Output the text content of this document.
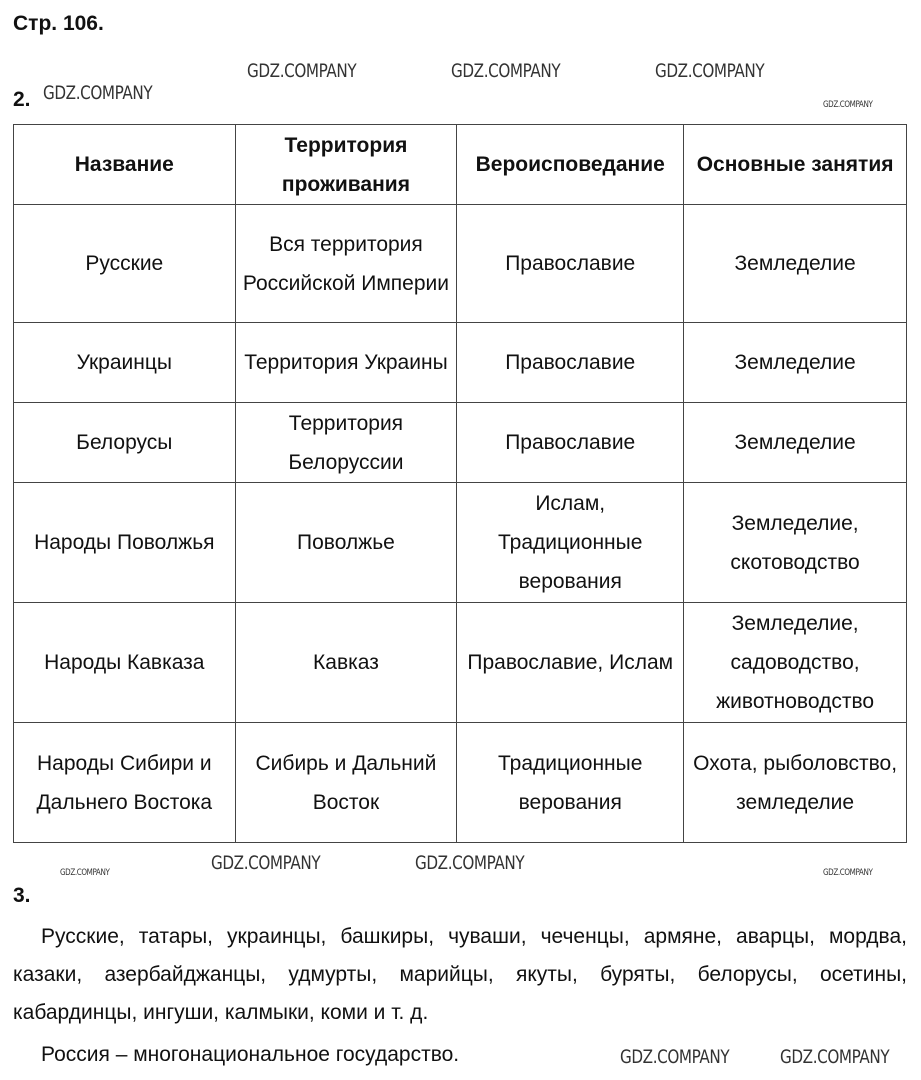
Стр. 106.
2.
Название	Территория проживания	Вероисповедание	Основные занятия
Русские	Вся территория Российской Империи	Православие	Земледелие
Украинцы	Территория Украины	Православие	Земледелие
Белорусы	Территория Белоруссии	Православие	Земледелие
Народы Поволжья	Поволжье	Ислам, Традиционные верования	Земледелие, скотоводство
Народы Кавказа	Кавказ	Православие, Ислам	Земледелие, садоводство, животноводство
Народы Сибири и Дальнего Востока	Сибирь и Дальний Восток	Традиционные верования	Охота, рыболовство, земледелие
3.

Русские, татары, украинцы, башкиры, чуваши, чеченцы, армяне, аварцы, мордва, казаки, азербайджанцы, удмурты, марийцы, якуты, буряты, белорусы, осетины, кабардинцы, ингуши, калмыки, коми и т. д.

Россия – многонациональное государство.

GDZ.COMPANY	GDZ.COMPANY	GDZ.COMPANY
GDZ.COMPANY
GDZ.COMPANY	GDZ.COMPANY
GDZ.COMPANY	GDZ.COMPANY
GDZ.COMPANY
GDZ.COMPANY	GDZ.COMPANY
